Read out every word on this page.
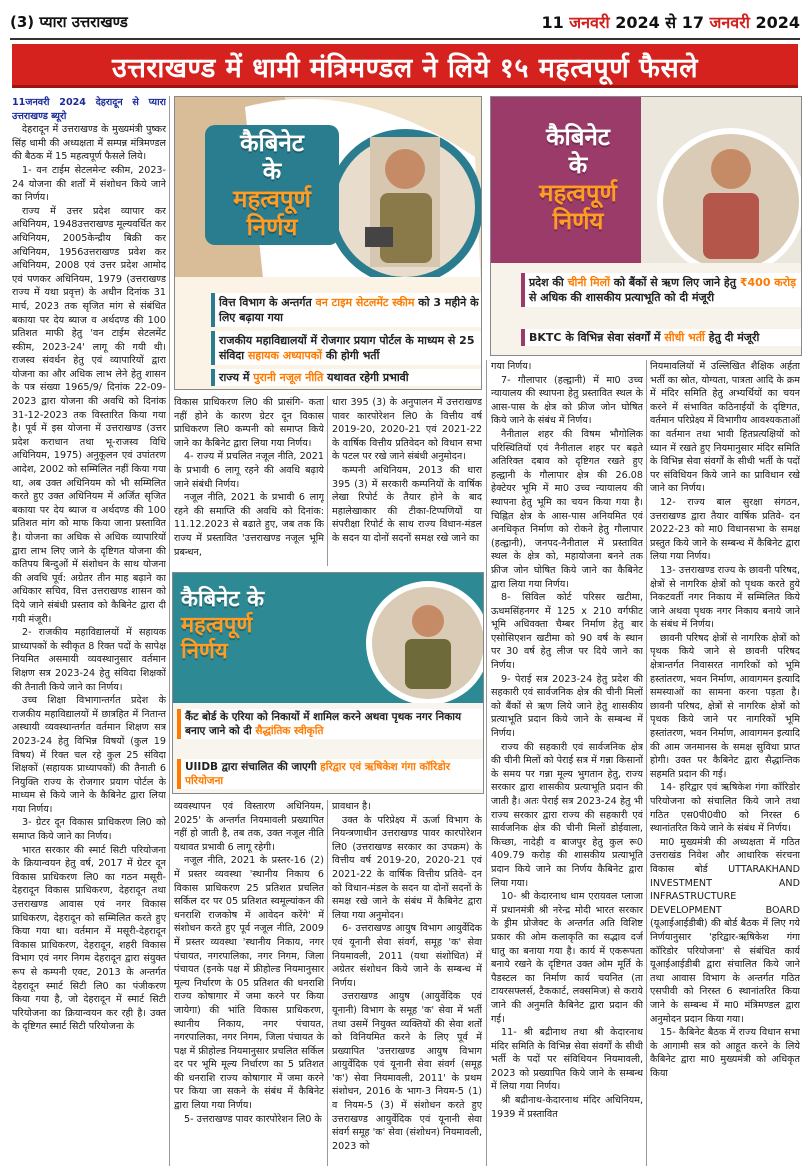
(3) प्यारा उत्तराखण्ड	11 जनवरी 2024 से 17 जनवरी 2024
उत्तराखण्ड में धामी मंत्रिमण्डल ने लिये १५ महत्वपूर्ण फैसले

11जनवरी 2024 देहरादून से प्यारा उत्तराखण्ड ब्यूरो

देहरादून में उत्तराखण्ड के मुख्यमंत्री पुष्कर सिंह धामी की अध्यक्षता में सम्पन्न मंत्रिमण्डल की बैठक में 15 महत्वपूर्ण फैसले लिये।

1- वन टाईम सेटलमेन्ट स्कीम, 2023-24 योजना की शर्तों में संशोधन किये जाने का निर्णय।

राज्य में उत्तर प्रदेश व्यापार कर अधिनियम, 1948उत्तराखण्ड मूल्यवर्धित कर अधिनियम, 2005केन्द्रीय बिक्री कर अधिनियम, 1956उत्तराखण्ड प्रवेश कर अधिनियम, 2008 एवं उत्तर प्रदेश आमोद एवं पणकर अधिनियम, 1979 (उत्तराखण्ड राज्य में यथा प्रवृत्त) के अधीन दिनांक 31 मार्च, 2023 तक सृजित मांग से संबंधित बकाया पर देय ब्याज व अर्थदण्ड की 100 प्रतिशत माफी हेतु 'वन टाईम सेटलमेंट स्कीम, 2023-24' लागू की गयी थी। राजस्व संवर्धन हेतु एवं व्यापारियों द्वारा योजना का और अधिक लाभ लेने हेतु शासन के पत्र संख्या 1965/9/ दिनांक 22-09-2023 द्वारा योजना की अवधि को दिनांक 31-12-2023 तक विस्तारित किया गया है। पूर्व में इस योजना में उत्तराखण्ड (उत्तर प्रदेश कराधान तथा भू-राजस्व विधि अधिनियम, 1975) अनुकूलन एवं उपांतरण आदेश, 2002 को सम्मिलित नहीं किया गया था, अब उक्त अधिनियम को भी सम्मिलित करते हुए उक्त अधिनियम में अर्जित सृजित बकाया पर देय ब्याज व अर्थदण्ड की 100 प्रतिशत मांग को माफ किया जाना प्रस्तावित है। योजना का अधिक से अधिक व्यापारियों द्वारा लाभ लिए जाने के दृष्टिगत योजना की कतिपय बिन्दुओं में संशोधन के साथ योजना की अवधि पूर्व: अग्रेतर तीन माह बढ़ाने का अधिकार सचिव, वित्त उत्तराखण्ड शासन को दिये जाने संबंधी प्रस्ताव को कैबिनेट द्वारा दी गयी मंजूरी।

2- राजकीय महाविद्यालयों में सहायक प्राध्यापकों के स्वीकृत 8 रिक्त पदों के सापेक्ष नियमित असमायी व्यवस्थानुसार वर्तमान शिक्षण सत्र 2023-24 हेतु संविदा शिक्षकों की तैनाती किये जाने का निर्णय।

उच्च शिक्षा विभागान्तर्गत प्रदेश के राजकीय महाविद्यालयों में छात्रहित में नितान्त अस्थायी व्यवस्थान्तर्गत वर्तमान शिक्षण सत्र 2023-24 हेतु विभिन्न विषयों (कुल 19 विषय) में रिक्त चल रहे कुल 25 संविदा शिक्षकों (सहायक प्राध्यापकों) की तैनाती 6 नियुक्ति राज्य के रोजगार प्रयाग पोर्टल के माध्यम से किये जाने के कैबिनेट द्वारा लिया गया निर्णय।

3- ग्रेटर दून विकास प्राधिकरण लि0 को समाप्त किये जाने का निर्णय।

भारत सरकार की स्मार्ट सिटी परियोजना के क्रियान्वयन हेतु वर्ष, 2017 में ग्रेटर दून विकास प्राधिकरण लि0 का गठन मसूरी-देहरादून विकास प्राधिकरण, देहरादून तथा उत्तराखण्ड आवास एवं नगर विकास प्राधिकरण, देहरादून को सम्मिलित करते हुए किया गया था। वर्तमान में मसूरी-देहरादून विकास प्राधिकरण, देहरादून, शहरी विकास विभाग एवं नगर निगम देहरादून द्वारा संयुक्त रूप से कम्पनी एक्ट, 2013 के अन्तर्गत देहरादून स्मार्ट सिटी लि0 का पंजीकरण किया गया है, जो देहरादून में स्मार्ट सिटी परियोजना का क्रियान्वयन कर रही है। उक्त के दृष्टिगत स्मार्ट सिटी परियोजना के

कैबिनेट
के
महत्वपूर्ण
निर्णय
वित्त विभाग के अन्तर्गत वन टाइम सेटलमेंट स्कीम को 3 महीने के लिए बढ़ाया गया
राजकीय महाविद्यालयों में रोजगार प्रयाग पोर्टल के माध्यम से 25 संविदा सहायक अध्यापकों की होगी भर्ती
राज्य में पुरानी नजूल नीति यथावत रहेगी प्रभावी
कैबिनेट
के
महत्वपूर्ण
निर्णय
प्रदेश की चीनी मिलों को बैंकों से ऋण लिए जाने हेतु ₹400 करोड़ से अधिक की शासकीय प्रत्याभूति को दी मंजूरी
BKTC के विभिन्न सेवा संवर्गों में सीधी भर्ती हेतु दी मंजूरी

विकास प्राधिकरण लि0 की प्रासंगि- कता नहीं होने के कारण ग्रेटर दून विकास प्राधिकरण लि0 कम्पनी को समाप्त किये जाने का कैबिनेट द्वारा लिया गया निर्णय।

4- राज्य में प्रचलित नजूल नीति, 2021 के प्रभावी 6 लागू रहने की अवधि बढ़ाये जाने संबंधी निर्णय।

नजूल नीति, 2021 के प्रभावी 6 लागू रहने की समाप्ति की अवधि को दिनांक: 11.12.2023 से बढाते हुए, जब तक कि राज्य में प्रस्तावित 'उत्तराखण्ड नजूल भूमि प्रबन्धन,

धारा 395 (3) के अनुपालन में उत्तराखण्ड पावर कारपोरेशन लि0 के वित्तीय वर्ष 2019-20, 2020-21 एवं 2021-22 के वार्षिक वित्तीय प्रतिवेदन को विधान सभा के पटल पर रखे जाने संबंधी अनुमोदन।

कम्पनी अधिनियम, 2013 की धारा 395 (3) में सरकारी कम्पनियों के वार्षिक लेखा रिपोर्ट के तैयार होने के बाद महालेखाकार की टीका-टिप्पणियों या संपरीक्षा रिपोर्ट के साथ राज्य विधान-मंडल के सदन या दोनों सदनों समक्ष रखे जाने का

कैबिनेट के
महत्वपूर्ण
निर्णय
कैंट बोर्ड के एरिया को निकायों में शामिल करने अथवा पृथक नगर निकाय बनाए जाने को दी सैद्धांतिक स्वीकृति
UIIDB द्वारा संचालित की जाएगी हरिद्वार एवं ऋषिकेश गंगा कॉरिडोर परियोजना

व्यवस्थापन एवं विस्तारण अधिनियम, 2025' के अन्तर्गत नियमावली प्रख्यापित नहीं हो जाती है, तब तक, उक्त नजूल नीति यथावत प्रभावी 6 लागू रहेगी।

नजूल नीति, 2021 के प्रस्तर-16 (2) में प्रस्तर व्यवस्था 'स्थानीय निकाय 6 विकास प्राधिकरण 25 प्रतिशत प्रचलित सर्किल दर पर 05 प्रतिशत स्वमूल्यांकन की धनराशि राजकोष में आवेदन करेंगे' में संशोधन करते हुए पूर्व नजूल नीति, 2009 में प्रस्तर व्यवस्था 'स्थानीय निकाय, नगर पंचायत, नगरपालिका, नगर निगम, जिला पंचायत (इनके पक्ष में फ्रीहोल्ड नियमानुसार मूल्य निर्धारण के 05 प्रतिशत की धनराशि राज्य कोषागार में जमा करने पर किया जायेगा) की भांति विकास प्राधिकरण, स्थानीय निकाय, नगर पंचायत, नगरपालिका, नगर निगम, जिला पंचायत के पक्ष में फ्रीहोल्ड नियमानुसार प्रचलित सर्किल दर पर भूमि मूल्य निर्धारण का 5 प्रतिशत की धनराशि राज्य कोषागार में जमा करने पर किया जा सकने के संबंध में कैबिनेट द्वारा लिया गया निर्णय।

5- उत्तराखण्ड पावर कारपोरेशन लि0 के

प्रावधान है।

उक्त के परिप्रेक्ष्य में ऊर्जा विभाग के नियन्त्रणाधीन उत्तराखण्ड पावर कारपोरेशन लि0 (उत्तराखण्ड सरकार का उपक्रम) के वित्तीय वर्ष 2019-20, 2020-21 एवं 2021-22 के वार्षिक वित्तीय प्रतिवे- दन को विधान-मंडल के सदन या दोनों सदनों के समक्ष रखे जाने के संबंध में कैबिनेट द्वारा लिया गया अनुमोदन।

6- उत्तराखण्ड आयुष विभाग आयुर्वेदिक एवं यूनानी सेवा संवर्ग, समूह 'क' सेवा नियमावली, 2011 (यथा संशोधित) में अग्रेतर संशोधन किये जाने के सम्बन्ध में निर्णय।

उत्तराखण्ड आयुष (आयुर्वेदिक एवं यूनानी) विभाग के समूह 'क' सेवा में भर्ती तथा उसमें नियुक्त व्यक्तियों की सेवा शर्तों को विनियमित करने के लिए पूर्व में प्रख्यापित 'उत्तराखण्ड आयुष विभाग आयुर्वेदिक एवं यूनानी सेवा संवर्ग (समूह 'क') सेवा नियमावली, 2011' के प्रथम संशोधन, 2016 के भाग-3 नियम-5 (1) व नियम-5 (3) में संशोधन करते हुए उत्तराखण्ड आयुर्वेदिक एवं यूनानी सेवा संवर्ग समूह 'क' सेवा (संशोधन) नियमावली, 2023 को

गया निर्णय।

7- गौलापार (हल्द्वानी) में मा0 उच्च न्यायालय की स्थापना हेतु प्रस्तावित स्थल के आस-पास के क्षेत्र को फ्रीज जोन घोषित किये जाने के संबंध में निर्णय।

नैनीताल शहर की विषम भौगोलिक परिस्थितियों एवं नैनीताल शहर पर बढ़ते अतिरिक्त दबाव को दृष्टिगत रखते हुए हल्द्वानी के गौलापार क्षेत्र की 26.08 हेक्टेयर भूमि में मा0 उच्च न्यायालय की स्थापना हेतु भूमि का चयन किया गया है। चिह्नित क्षेत्र के आस-पास अनियमित एवं अनधिकृत निर्माण को रोकने हेतु गौलापार (हल्द्वानी), जनपद-नैनीताल में प्रस्तावित स्थल के क्षेत्र को, महायोजना बनने तक फ्रीज जोन घोषित किये जाने का कैबिनेट द्वारा लिया गया निर्णय।

8- सिविल कोर्ट परिसर खटीमा, ऊधमसिंहनगर में 125 x 210 वर्गफीट भूमि अधिवक्ता चैम्बर निर्माण हेतु बार एसोसिएशन खटीमा को 90 वर्ष के स्थान पर 30 वर्ष हेतु लीज पर दिये जाने का निर्णय।

9- पेराई सत्र 2023-24 हेतु प्रदेश की सहकारी एवं सार्वजनिक क्षेत्र की चीनी मिलों को बैंकों से ऋण लिये जाने हेतु शासकीय प्रत्याभूति प्रदान किये जाने के सम्बन्ध में निर्णय।

राज्य की सहकारी एवं सार्वजनिक क्षेत्र की चीनी मिलों को पेराई सत्र में गन्ना किसानों के समय पर गन्ना मूल्य भुगतान हेतु, राज्य सरकार द्वारा शासकीय प्रत्याभूति प्रदान की जाती है। अतः पेराई सत्र 2023-24 हेतु भी राज्य सरकार द्वारा राज्य की सहकारी एवं सार्वजनिक क्षेत्र की चीनी मिलों डोईवाला, किच्छा, नादेही व बाजपुर हेतु कुल रू0 409.79 करोड़ की शासकीय प्रत्याभूति प्रदान किये जाने का निर्णय कैबिनेट द्वारा लिया गया।

10- श्री केदारनाथ धाम एरायवल प्लाजा में प्रधानमंत्री श्री नरेन्द्र मोदी भारत सरकार के ड्रीम प्रोजेक्ट के अन्तर्गत अति विशिष्ट प्रकार की ओम कलाकृति का सद्भाव दर्ज धातु का बनाया गया है। कार्य में एकरूपता बनाये रखने के दृष्टिगत उक्त ओम मूर्ति के पैडस्टल का निर्माण कार्य चयनित (ता टायरसफ्लर्स, टैककार्ट, लक्समिज) से कराये जाने की अनुमति कैबिनेट द्वारा प्रदान की गई।

11- श्री बद्रीनाथ तथा श्री केदारनाथ मंदिर समिति के विभिन्न सेवा संवर्गों के सीधी भर्ती के पदों पर संविधियन नियमावली, 2023 को प्रख्यापित किये जाने के सम्बन्ध में लिया गया निर्णय।

श्री बद्रीनाथ-केदारनाथ मंदिर अधिनियम, 1939 में प्रस्तावित

नियमावलियों में उल्लिखित शैक्षिक अर्हता भर्ती का स्रोत, योग्यता, पात्रता आदि के क्रम में मंदिर समिति हेतु अभ्यर्थियों का चयन करने में संभावित कठिनाईयों के दृष्टिगत, वर्तमान परिप्रेक्ष्य में विभागीय आवश्यकताओं का वर्तमान तथा भावी हितप्रत्यक्षियों को ध्यान में रखते हुए नियमानुसार मंदिर समिति के विभिन्न सेवा संवर्गों के सीधी भर्ती के पदों पर संविधियन किये जाने का प्राविधान रखे जाने का निर्णय।

12- राज्य बाल सुरक्षा संगठन, उत्तराखण्ड द्वारा तैयार वार्षिक प्रतिवे- दन 2022-23 को मा0 विधानसभा के समक्ष प्रस्तुत किये जाने के सम्बन्ध में कैबिनेट द्वारा लिया गया निर्णय।

13- उत्तराखण्ड राज्य के छावनी परिषद, क्षेत्रों से नागरिक क्षेत्रों को पृथक करते हुये निकटवर्ती नगर निकाय में सम्मिलित किये जाने अथवा पृथक नगर निकाय बनाये जाने के संबंध में निर्णय।

छावनी परिषद क्षेत्रों से नागरिक क्षेत्रों को पृथक किये जाने से छावनी परिषद क्षेत्रान्तर्गत निवासरत नागरिकों को भूमि हस्तांतरण, भवन निर्माण, आवागमन इत्यादि समस्याओं का सामना करना पड़ता है। छावनी परिषद, क्षेत्रों से नागरिक क्षेत्रों को पृथक किये जाने पर नागरिकों भूमि हस्तांतरण, भवन निर्माण, आवागमन इत्यादि की आम जनमानस के समक्ष सुविधा प्राप्त होगी। उक्त पर कैबिनेट द्वारा सैद्धान्तिक सहमति प्रदान की गई।

14- हरिद्वार एवं ऋषिकेश गंगा कॉरिडोर परियोजना को संचालित किये जाने तथा गठित एस0पी0वी0 को निरस्त 6 स्थानांतरित किये जाने के संबंध में निर्णय।

मा0 मुख्यमंत्री की अध्यक्षता में गठित उत्तराखंड निवेश और आधारिक संरचना विकास बोर्ड UTTARAKHAND INVESTMENT AND INFRASTRUCTURE DEVELOPMENT BOARD (यूआईआईडीबी) की बोर्ड बैठक में लिए गये निर्णयानुसार 'हरिद्वार-ऋषिकेश गंगा कॉरिडोर परियोजना' से संबंधित कार्य यूआईआईडीबी द्वारा संचालित किये जाने तथा आवास विभाग के अन्तर्गत गठित एसपीवी को निरस्त 6 स्थानांतरित किया जाने के सम्बन्ध में मा0 मंत्रिमण्डल द्वारा अनुमोदन प्रदान किया गया।

15- कैबिनेट बैठक में राज्य विधान सभा के आगामी सत्र को आहूत करने के लिये कैबिनेट द्वारा मा0 मुख्यमंत्री को अधिकृत किया
